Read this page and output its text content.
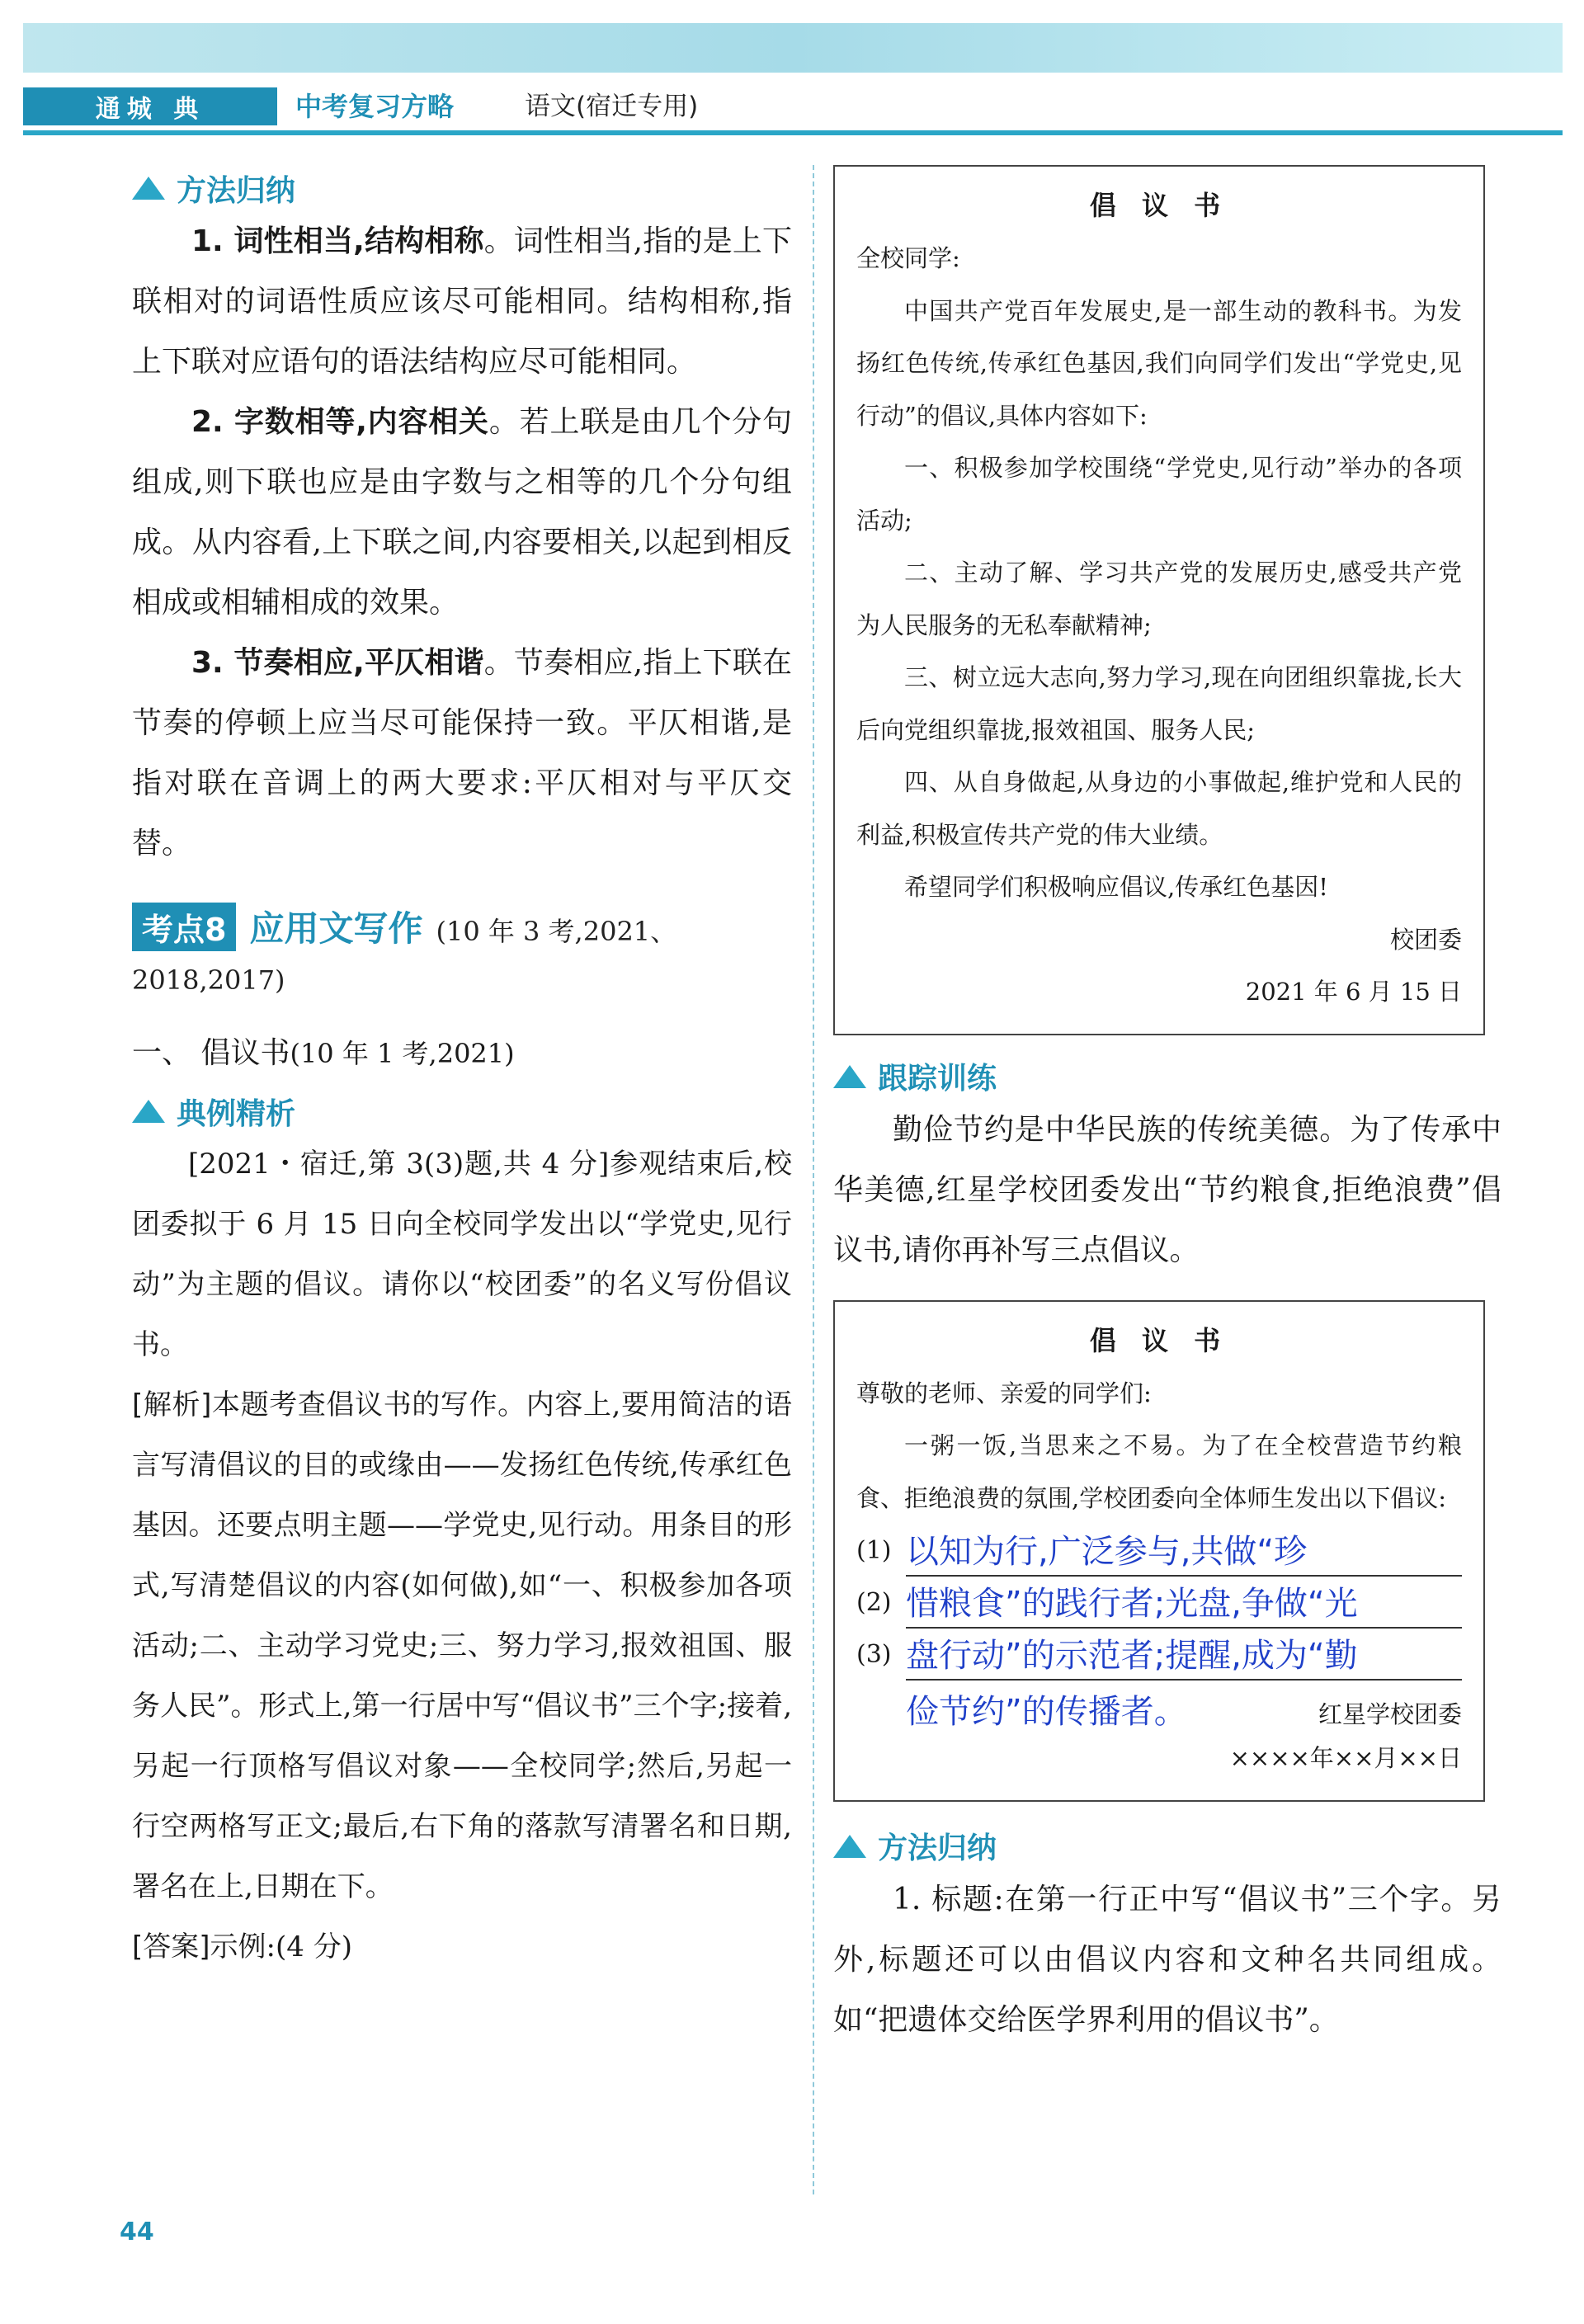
通城 典	中考复习方略	语文(宿迁专用)
方法归纳

1. 词性相当,结构相称。词性相当,指的是上下联相对的词语性质应该尽可能相同。结构相称,指上下联对应语句的语法结构应尽可能相同。

2. 字数相等,内容相关。若上联是由几个分句组成,则下联也应是由字数与之相等的几个分句组成。从内容看,上下联之间,内容要相关,以起到相反相成或相辅相成的效果。

3. 节奏相应,平仄相谐。节奏相应,指上下联在节奏的停顿上应当尽可能保持一致。平仄相谐,是指对联在音调上的两大要求:平仄相对与平仄交替。

考点8 应用文写作 (10 年 3 考,2021、
2018,2017)
一、 倡议书(10 年 1 考,2021)
典例精析

[2021・宿迁,第 3(3)题,共 4 分]参观结束后,校团委拟于 6 月 15 日向全校同学发出以“学党史,见行动”为主题的倡议。请你以“校团委”的名义写份倡议书。

[解析]本题考查倡议书的写作。内容上,要用简洁的语言写清倡议的目的或缘由——发扬红色传统,传承红色基因。还要点明主题——学党史,见行动。用条目的形式,写清楚倡议的内容(如何做),如“一、积极参加各项活动;二、主动学习党史;三、努力学习,报效祖国、服务人民”。形式上,第一行居中写“倡议书”三个字;接着,另起一行顶格写倡议对象——全校同学;然后,另起一行空两格写正文;最后,右下角的落款写清署名和日期,署名在上,日期在下。

[答案]示例:(4 分)

倡 议 书

全校同学:

中国共产党百年发展史,是一部生动的教科书。为发扬红色传统,传承红色基因,我们向同学们发出“学党史,见行动”的倡议,具体内容如下:

一、积极参加学校围绕“学党史,见行动”举办的各项活动;

二、主动了解、学习共产党的发展历史,感受共产党为人民服务的无私奉献精神;

三、树立远大志向,努力学习,现在向团组织靠拢,长大后向党组织靠拢,报效祖国、服务人民;

四、从自身做起,从身边的小事做起,维护党和人民的利益,积极宣传共产党的伟大业绩。

希望同学们积极响应倡议,传承红色基因!

校团委

2021 年 6 月 15 日

跟踪训练

勤俭节约是中华民族的传统美德。为了传承中华美德,红星学校团委发出“节约粮食,拒绝浪费”倡议书,请你再补写三点倡议。

倡 议 书

尊敬的老师、亲爱的同学们:

一粥一饭,当思来之不易。为了在全校营造节约粮食、拒绝浪费的氛围,学校团委向全体师生发出以下倡议:

(1) 以知为行,广泛参与,共做“珍
(2) 惜粮食”的践行者;光盘,争做“光
(3) 盘行动”的示范者;提醒,成为“勤
俭节约”的传播者。	红星学校团委

××××年××月××日

方法归纳

1. 标题:在第一行正中写“倡议书”三个字。另外,标题还可以由倡议内容和文种名共同组成。如“把遗体交给医学界利用的倡议书”。

44
